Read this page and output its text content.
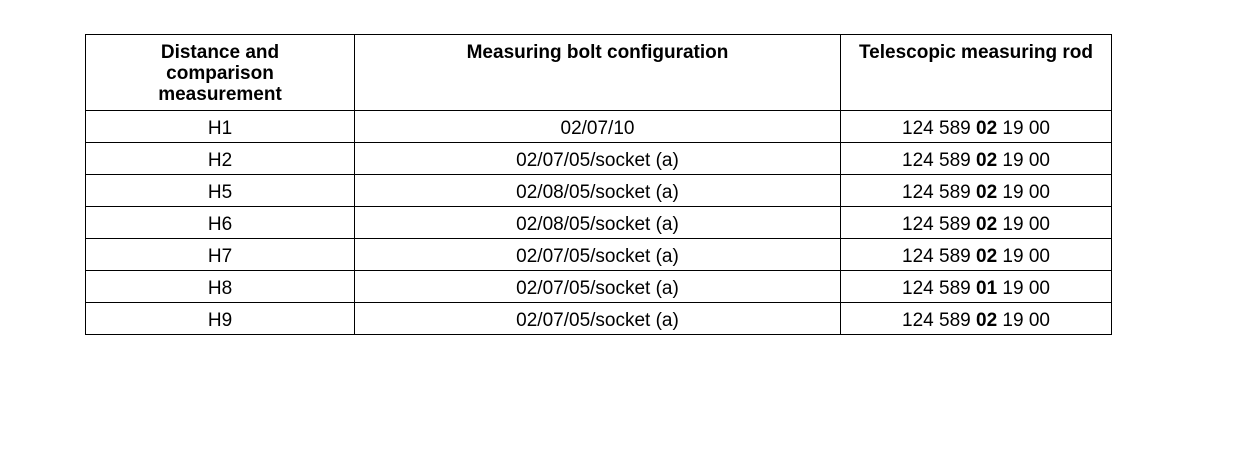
Distance and comparison measurement	Measuring bolt configuration	Telescopic measuring rod
H1	02/07/10	124 589 02 19 00
H2	02/07/05/socket (a)	124 589 02 19 00
H5	02/08/05/socket (a)	124 589 02 19 00
H6	02/08/05/socket (a)	124 589 02 19 00
H7	02/07/05/socket (a)	124 589 02 19 00
H8	02/07/05/socket (a)	124 589 01 19 00
H9	02/07/05/socket (a)	124 589 02 19 00
